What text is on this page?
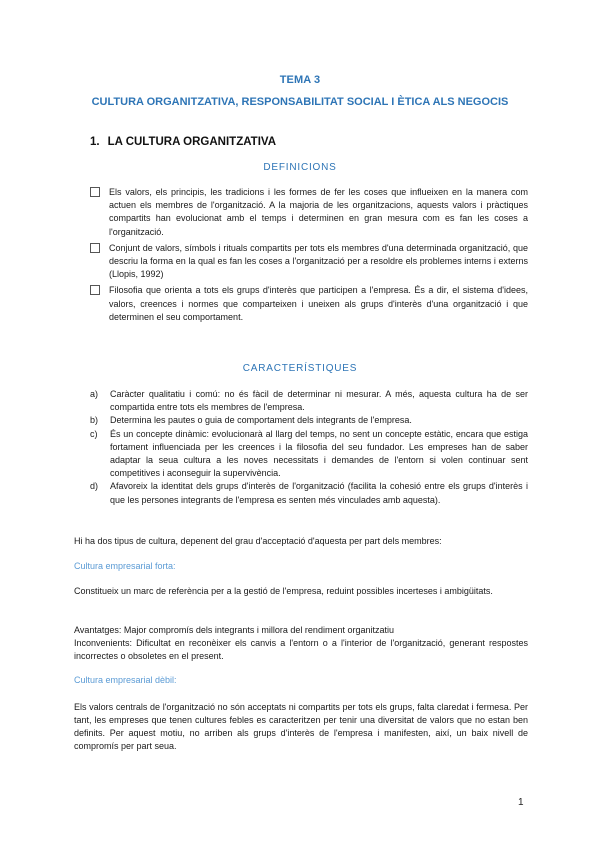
TEMA 3
CULTURA ORGANITZATIVA, RESPONSABILITAT SOCIAL I ÈTICA ALS NEGOCIS
1. LA CULTURA ORGANITZATIVA
DEFINICIONS
Els valors, els principis, les tradicions i les formes de fer les coses que influeixen en la manera com actuen els membres de l'organització. A la majoria de les organitzacions, aquests valors i pràctiques compartits han evolucionat amb el temps i determinen en gran mesura com es fan les coses a l'organització.
Conjunt de valors, símbols i rituals compartits per tots els membres d'una determinada organització, que descriu la forma en la qual es fan les coses a l'organització per a resoldre els problemes interns i externs (Llopis, 1992)
Filosofia que orienta a tots els grups d'interès que participen a l'empresa. És a dir, el sistema d'idees, valors, creences i normes que comparteixen i uneixen als grups d'interès d'una organització i que determinen el seu comportament.
CARACTERÍSTIQUES
a)	Caràcter qualitatiu i comú: no és fàcil de determinar ni mesurar. A més, aquesta cultura ha de ser compartida entre tots els membres de l'empresa.
b)	Determina les pautes o guia de comportament dels integrants de l'empresa.
c)	És un concepte dinàmic: evolucionarà al llarg del temps, no sent un concepte estàtic, encara que estiga fortament influenciada per les creences i la filosofia del seu fundador. Les empreses han de saber adaptar la seua cultura a les noves necessitats i demandes de l'entorn si volen continuar sent competitives i aconseguir la supervivència.
d)	Afavoreix la identitat dels grups d'interès de l'organització (facilita la cohesió entre els grups d'interès i que les persones integrants de l'empresa es senten més vinculades amb aquesta).
Hi ha dos tipus de cultura, depenent del grau d'acceptació d'aquesta per part dels membres:
Cultura empresarial forta:
Constitueix un marc de referència per a la gestió de l'empresa, reduint possibles incerteses i ambigüitats.
Avantatges: Major compromís dels integrants i millora del rendiment organitzatiu
Inconvenients: Dificultat en reconèixer els canvis a l'entorn o a l'interior de l'organització, generant respostes incorrectes o obsoletes en el present.
Cultura empresarial dèbil:
Els valors centrals de l'organització no són acceptats ni compartits per tots els grups, falta claredat i fermesa. Per tant, les empreses que tenen cultures febles es caracteritzen per tenir una diversitat de valors que no estan ben definits. Per aquest motiu, no arriben als grups d'interès de l'empresa i manifesten, així, un baix nivell de compromís per part seua.
1
